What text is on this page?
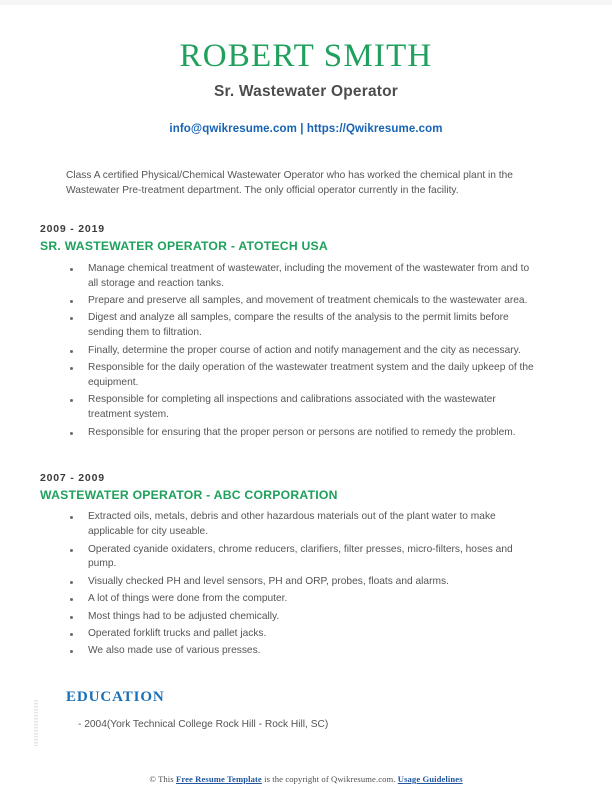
ROBERT SMITH
Sr. Wastewater Operator
info@qwikresume.com | https://Qwikresume.com
Class A certified Physical/Chemical Wastewater Operator who has worked the chemical plant in the Wastewater Pre-treatment department. The only official operator currently in the facility.
2009 - 2019
SR. WASTEWATER OPERATOR - ATOTECH USA
Manage chemical treatment of wastewater, including the movement of the wastewater from and to all storage and reaction tanks.
Prepare and preserve all samples, and movement of treatment chemicals to the wastewater area.
Digest and analyze all samples, compare the results of the analysis to the permit limits before sending them to filtration.
Finally, determine the proper course of action and notify management and the city as necessary.
Responsible for the daily operation of the wastewater treatment system and the daily upkeep of the equipment.
Responsible for completing all inspections and calibrations associated with the wastewater treatment system.
Responsible for ensuring that the proper person or persons are notified to remedy the problem.
2007 - 2009
WASTEWATER OPERATOR - ABC CORPORATION
Extracted oils, metals, debris and other hazardous materials out of the plant water to make applicable for city useable.
Operated cyanide oxidaters, chrome reducers, clarifiers, filter presses, micro-filters, hoses and pump.
Visually checked PH and level sensors, PH and ORP, probes, floats and alarms.
A lot of things were done from the computer.
Most things had to be adjusted chemically.
Operated forklift trucks and pallet jacks.
We also made use of various presses.
EDUCATION
- 2004(York Technical College Rock Hill - Rock Hill, SC)
© This Free Resume Template is the copyright of Qwikresume.com. Usage Guidelines
